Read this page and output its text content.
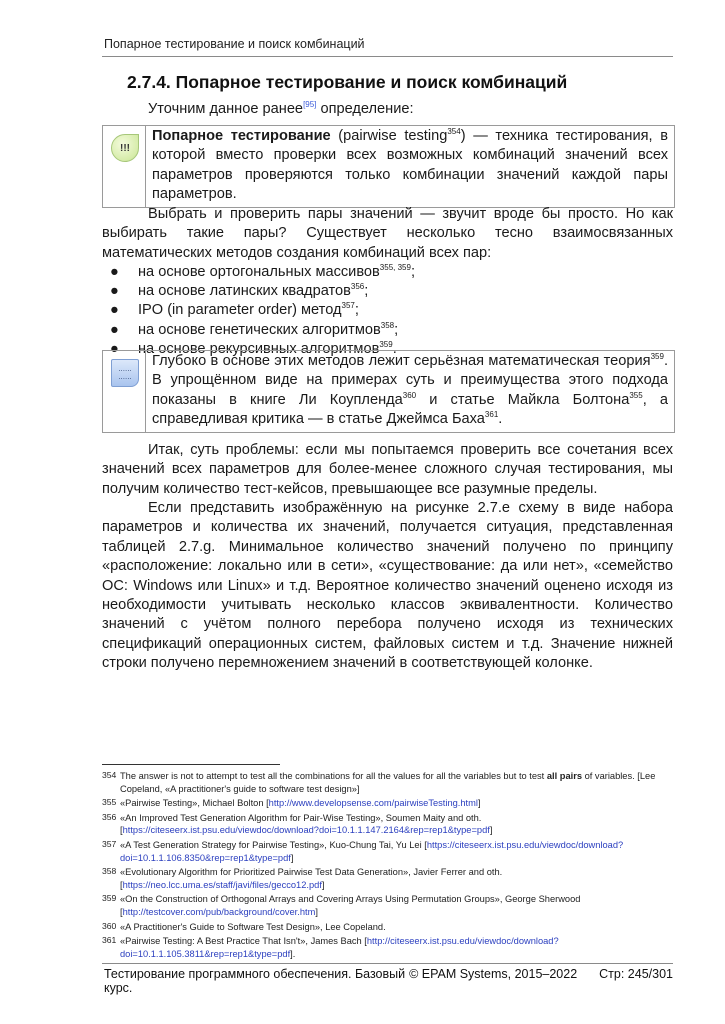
Попарное тестирование и поиск комбинаций
2.7.4. Попарное тестирование и поиск комбинаций
Уточним данное ранее[95] определение:
!!!
Попарное тестирование (pairwise testing$^{354}$) — техника тестирования, в которой вместо проверки всех возможных комбинаций значений всех параметров проверяются только комбинации значений каждой пары параметров.
Выбрать и проверить пары значений — звучит вроде бы просто. Но как выбирать такие пары? Существует несколько тесно взаимосвязанных математических методов создания комбинаций всех пар:
● на основе ортогональных массивов$^{355, 359}$;
● на основе латинских квадратов$^{356}$;
● IPO (in parameter order) метод$^{357}$;
● на основе генетических алгоритмов$^{358}$;
● на основе рекурсивных алгоритмов$^{359}$.
......
......
Глубоко в основе этих методов лежит серьёзная математическая теория$^{359}$. В упрощённом виде на примерах суть и преимущества этого подхода показаны в книге Ли Коупленда$^{360}$ и статье Майкла Болтона$^{355}$, а справедливая критика — в статье Джеймса Баха$^{361}$.
Итак, суть проблемы: если мы попытаемся проверить все сочетания всех значений всех параметров для более-менее сложного случая тестирования, мы получим количество тест-кейсов, превышающее все разумные пределы.
Если представить изображённую на рисунке 2.7.e схему в виде набора параметров и количества их значений, получается ситуация, представленная таблицей 2.7.g. Минимальное количество значений получено по принципу «расположение: локально или в сети», «существование: да или нет», «семейство ОС: Windows или Linux» и т.д. Вероятное количество значений оценено исходя из необходимости учитывать несколько классов эквивалентности. Количество значений с учётом полного перебора получено исходя из технических спецификаций операционных систем, файловых систем и т.д. Значение нижней строки получено перемножением значений в соответствующей колонке.
354 The answer is not to attempt to test all the combinations for all the values for all the variables but to test all pairs of variables. [Lee Copeland, «A practitioner's guide to software test design»]
355 «Pairwise Testing», Michael Bolton [http://www.developsense.com/pairwiseTesting.html]
356 «An Improved Test Generation Algorithm for Pair-Wise Testing», Soumen Maity and oth. [https://citeseerx.ist.psu.edu/viewdoc/download?doi=10.1.1.147.2164&rep=rep1&type=pdf]
357 «A Test Generation Strategy for Pairwise Testing», Kuo-Chung Tai, Yu Lei [https://citeseerx.ist.psu.edu/viewdoc/download?doi=10.1.1.106.8350&rep=rep1&type=pdf]
358 «Evolutionary Algorithm for Prioritized Pairwise Test Data Generation», Javier Ferrer and oth. [https://neo.lcc.uma.es/staff/javi/files/gecco12.pdf]
359 «On the Construction of Orthogonal Arrays and Covering Arrays Using Permutation Groups», George Sherwood [http://testcover.com/pub/background/cover.htm]
360 «A Practitioner's Guide to Software Test Design», Lee Copeland.
361 «Pairwise Testing: A Best Practice That Isn't», James Bach [http://citeseerx.ist.psu.edu/viewdoc/download?doi=10.1.1.105.3811&rep=rep1&type=pdf].
Тестирование программного обеспечения. Базовый курс.
© EPAM Systems, 2015–2022 Стр: 245/301
